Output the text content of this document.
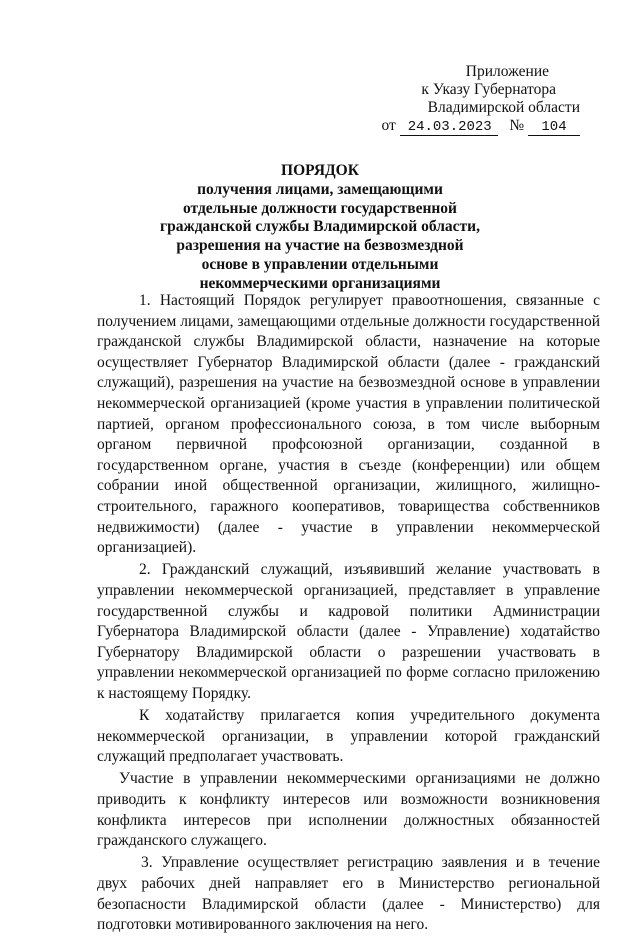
Приложение
к Указу Губернатора
Владимирской области
от 24.03.2023 № 104
ПОРЯДОК
получения лицами, замещающими
отдельные должности государственной
гражданской службы Владимирской области,
разрешения на участие на безвозмездной
основе в управлении отдельными
некоммерческими организациями

1. Настоящий Порядок регулирует правоотношения, связанные с получением лицами, замещающими отдельные должности государственной гражданской службы Владимирской области, назначение на которые осуществляет Губернатор Владимирской области (далее - гражданский служащий), разрешения на участие на безвозмездной основе в управлении некоммерческой организацией (кроме участия в управлении политической партией, органом профессионального союза, в том числе выборным органом первичной профсоюзной организации, созданной в государственном органе, участия в съезде (конференции) или общем собрании иной общественной организации, жилищного, жилищно-строительного, гаражного кооперативов, товарищества собственников недвижимости) (далее - участие в управлении некоммерческой организацией).

2. Гражданский служащий, изъявивший желание участвовать в управлении некоммерческой организацией, представляет в управление государственной службы и кадровой политики Администрации Губернатора Владимирской области (далее - Управление) ходатайство Губернатору Владимирской области о разрешении участвовать в управлении некоммерческой организацией по форме согласно приложению к настоящему Порядку.

К ходатайству прилагается копия учредительного документа некоммерческой организации, в управлении которой гражданский служащий предполагает участвовать.

Участие в управлении некоммерческими организациями не должно приводить к конфликту интересов или возможности возникновения конфликта интересов при исполнении должностных обязанностей гражданского служащего.

3. Управление осуществляет регистрацию заявления и в течение двух рабочих дней направляет его в Министерство региональной безопасности Владимирской области (далее - Министерство) для подготовки мотивированного заключения на него.
